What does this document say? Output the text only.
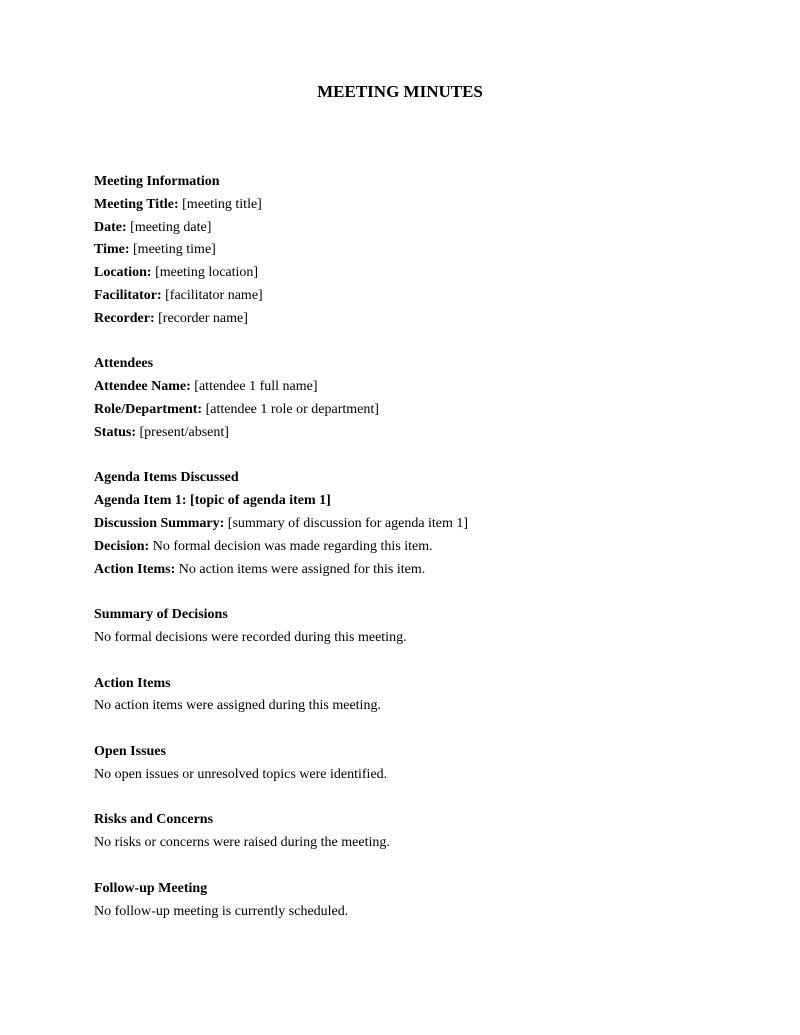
MEETING MINUTES
Meeting Information
Meeting Title: [meeting title]
Date: [meeting date]
Time: [meeting time]
Location: [meeting location]
Facilitator: [facilitator name]
Recorder: [recorder name]
Attendees
Attendee Name: [attendee 1 full name]
Role/Department: [attendee 1 role or department]
Status: [present/absent]
Agenda Items Discussed
Agenda Item 1: [topic of agenda item 1]
Discussion Summary: [summary of discussion for agenda item 1]
Decision: No formal decision was made regarding this item.
Action Items: No action items were assigned for this item.
Summary of Decisions
No formal decisions were recorded during this meeting.
Action Items
No action items were assigned during this meeting.
Open Issues
No open issues or unresolved topics were identified.
Risks and Concerns
No risks or concerns were raised during the meeting.
Follow-up Meeting
No follow-up meeting is currently scheduled.
